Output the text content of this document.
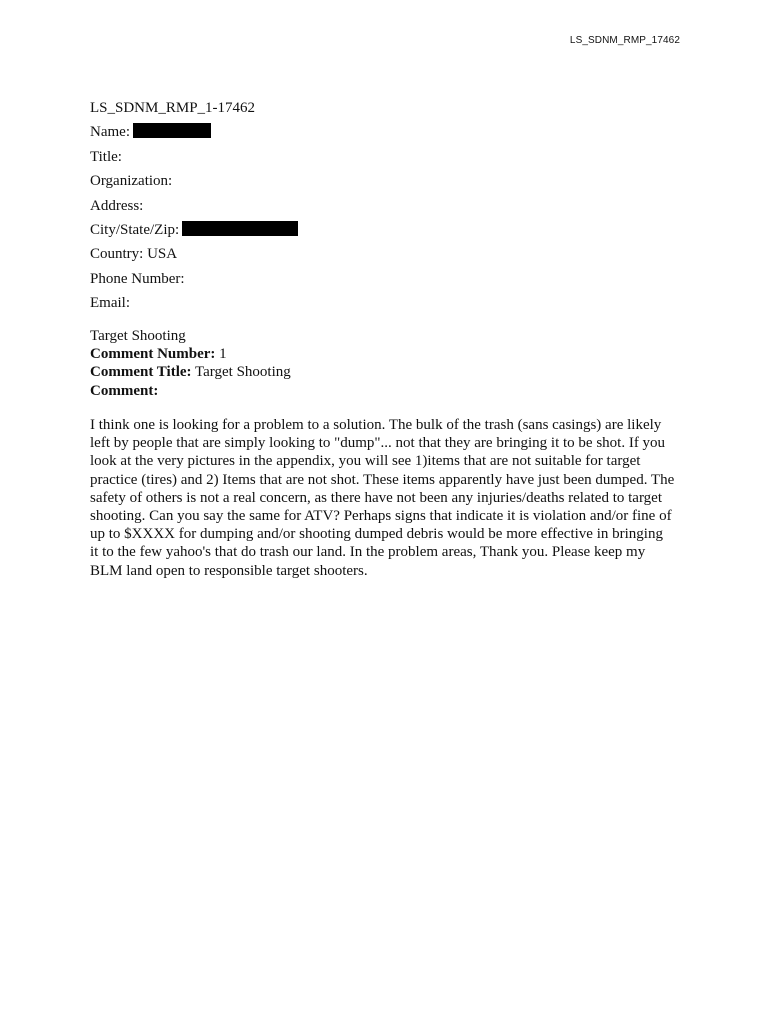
LS_SDNM_RMP_17462
LS_SDNM_RMP_1-17462
Name:
Title:
Organization:
Address:
City/State/Zip:
Country: USA
Phone Number:
Email:
Target Shooting
Comment Number: 1
Comment Title: Target Shooting
Comment:
I think one is looking for a problem to a solution. The bulk of the trash (sans casings) are likely
left by people that are simply looking to "dump"... not that they are bringing it to be shot. If you
look at the very pictures in the appendix, you will see 1)items that are not suitable for target
practice (tires) and 2) Items that are not shot. These items apparently have just been dumped. The
safety of others is not a real concern, as there have not been any injuries/deaths related to target
shooting. Can you say the same for ATV? Perhaps signs that indicate it is violation and/or fine of
up to $XXXX for dumping and/or shooting dumped debris would be more effective in bringing
it to the few yahoo's that do trash our land. In the problem areas, Thank you. Please keep my
BLM land open to responsible target shooters.
